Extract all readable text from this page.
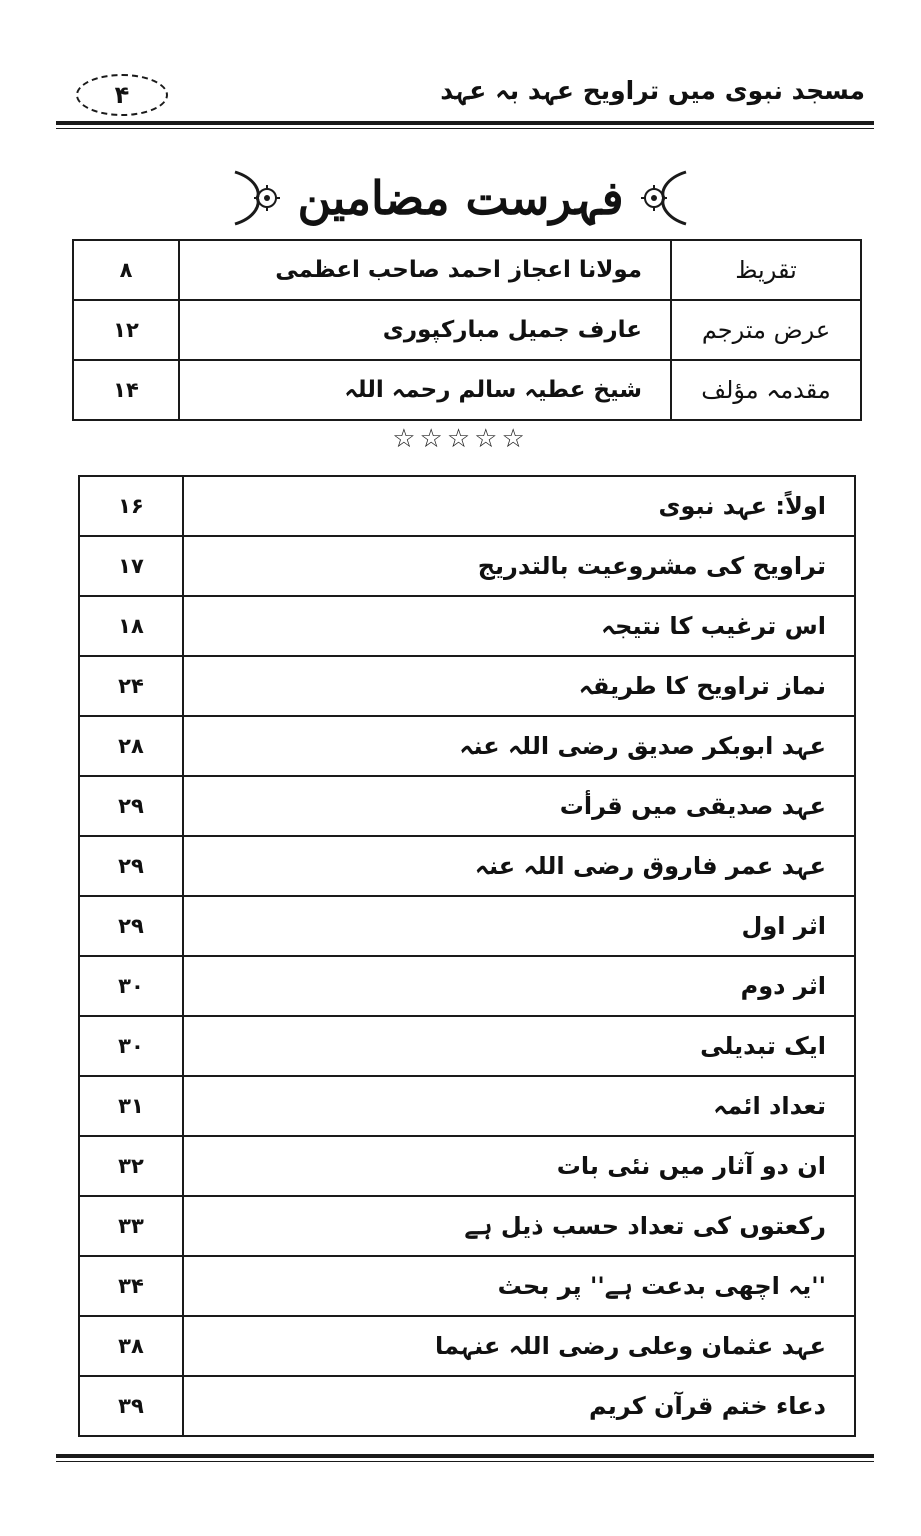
۴	مسجد نبوی میں تراویح عہد بہ عہد
فہرست مضامین
تقریظ	مولانا اعجاز احمد صاحب اعظمی	۸
عرض مترجم	عارف جمیل مبارکپوری	۱۲
مقدمہ مؤلف	شیخ عطیہ سالم رحمہ اللہ	۱۴
☆☆☆☆☆
اولاً: عہد نبوی	۱۶
تراویح کی مشروعیت بالتدریج	۱۷
اس ترغیب کا نتیجہ	۱۸
نماز تراویح کا طریقہ	۲۴
عہد ابوبکر صدیق رضی اللہ عنہ	۲۸
عہد صدیقی میں قرأت	۲۹
عہد عمر فاروق رضی اللہ عنہ	۲۹
اثر اول	۲۹
اثر دوم	۳۰
ایک تبدیلی	۳۰
تعداد ائمہ	۳۱
ان دو آثار میں نئی بات	۳۲
رکعتوں کی تعداد حسب ذیل ہے	۳۳
''یہ اچھی بدعت ہے'' پر بحث	۳۴
عہد عثمان وعلی رضی اللہ عنہما	۳۸
دعاء ختم قرآن کریم	۳۹
